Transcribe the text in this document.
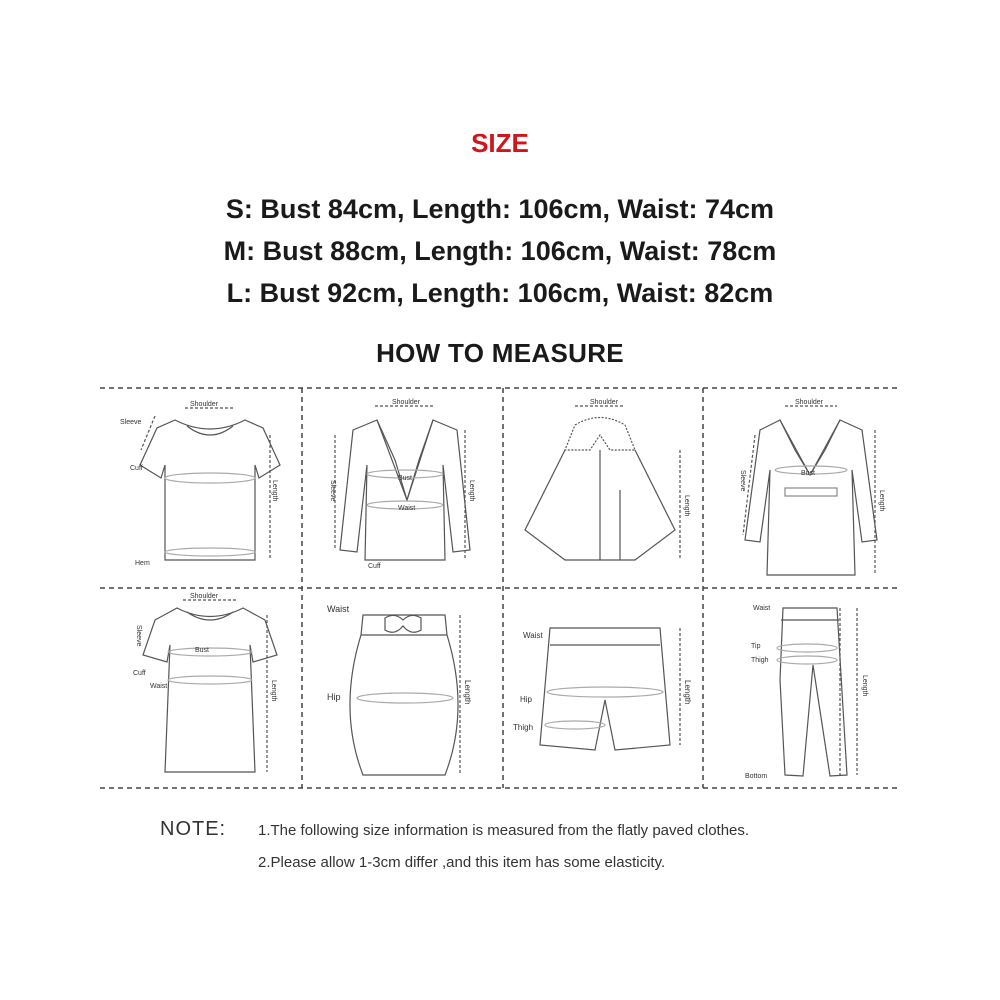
SIZE
S: Bust 84cm, Length: 106cm, Waist: 74cm
M: Bust 88cm, Length: 106cm, Waist: 78cm
L: Bust 92cm, Length: 106cm, Waist: 82cm
HOW TO MEASURE
Shoulder
Sleeve
Cuff
Hem
Length
Shoulder
Sleeve
Bust
Waist
Cuff
Length
Shoulder
Length
Shoulder
Bust
Sleeve
Length
Shoulder
Sleeve
Bust
Cuff
Waist	Length
Waist
Hip	Length
Waist
Hip
Thigh
Length
Waist
Tip
Thigh
Bottom
Length
NOTE: 1.The following size information is measured from the flatly paved clothes.
2.Please allow 1-3cm differ ,and this item has some elasticity.
